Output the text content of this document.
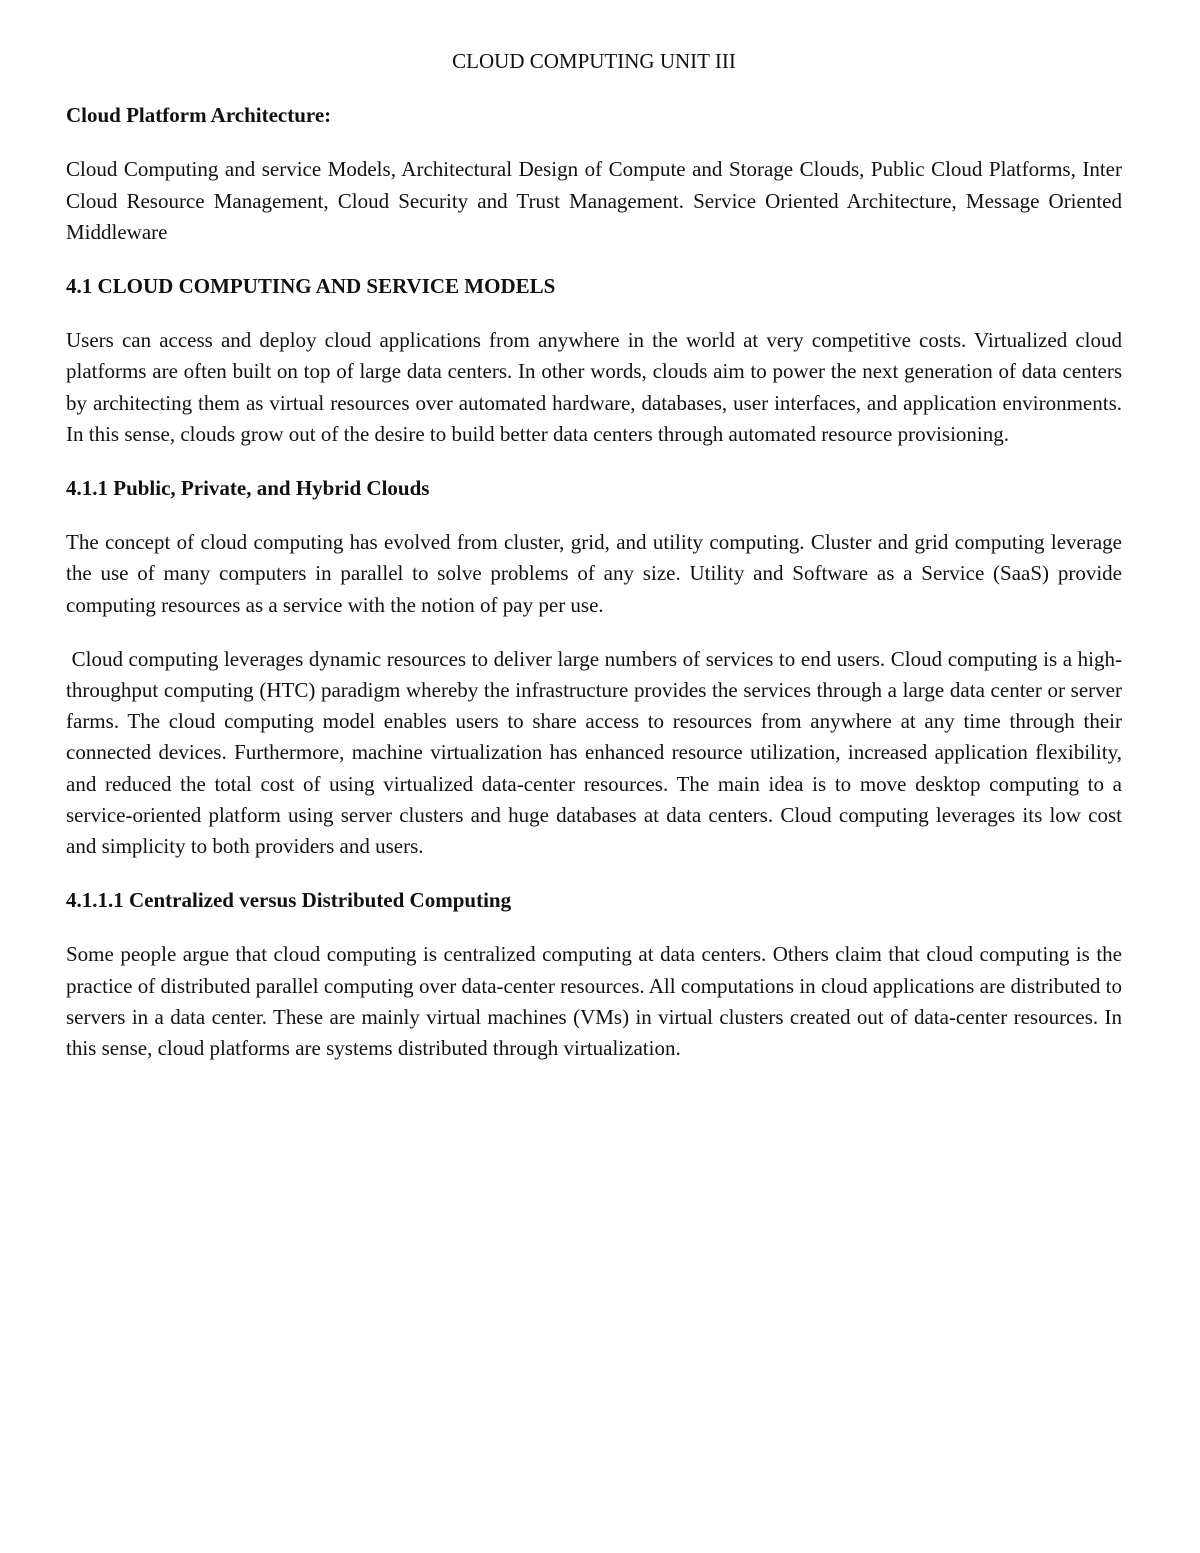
CLOUD COMPUTING UNIT III
Cloud Platform Architecture:

Cloud Computing and service Models, Architectural Design of Compute and Storage Clouds, Public Cloud Platforms, Inter Cloud Resource Management, Cloud Security and Trust Management. Service Oriented Architecture, Message Oriented Middleware

4.1 CLOUD COMPUTING AND SERVICE MODELS

Users can access and deploy cloud applications from anywhere in the world at very competitive costs. Virtualized cloud platforms are often built on top of large data centers. In other words, clouds aim to power the next generation of data centers by architecting them as virtual resources over automated hardware, databases, user interfaces, and application environments. In this sense, clouds grow out of the desire to build better data centers through automated resource provisioning.

4.1.1 Public, Private, and Hybrid Clouds

The concept of cloud computing has evolved from cluster, grid, and utility computing. Cluster and grid computing leverage the use of many computers in parallel to solve problems of any size. Utility and Software as a Service (SaaS) provide computing resources as a service with the notion of pay per use.

Cloud computing leverages dynamic resources to deliver large numbers of services to end users. Cloud computing is a high-throughput computing (HTC) paradigm whereby the infrastructure provides the services through a large data center or server farms. The cloud computing model enables users to share access to resources from anywhere at any time through their connected devices. Furthermore, machine virtualization has enhanced resource utilization, increased application flexibility, and reduced the total cost of using virtualized data-center resources. The main idea is to move desktop computing to a service-oriented platform using server clusters and huge databases at data centers. Cloud computing leverages its low cost and simplicity to both providers and users.

4.1.1.1 Centralized versus Distributed Computing

Some people argue that cloud computing is centralized computing at data centers. Others claim that cloud computing is the practice of distributed parallel computing over data-center resources. All computations in cloud applications are distributed to servers in a data center. These are mainly virtual machines (VMs) in virtual clusters created out of data-center resources. In this sense, cloud platforms are systems distributed through virtualization.
